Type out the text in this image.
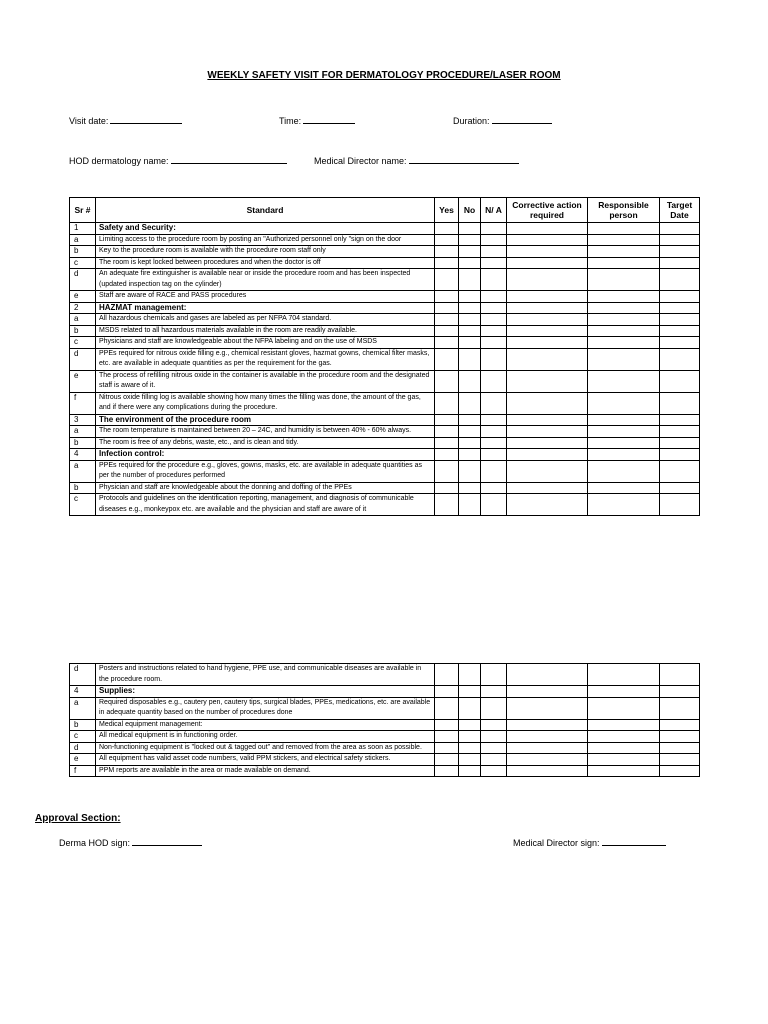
WEEKLY SAFETY VISIT FOR DERMATOLOGY PROCEDURE/LASER ROOM
Visit date:	Time:	Duration:
HOD dermatology name:	Medical Director name:
Sr #	Standard	Yes	No	N/ A	Corrective action required	Responsible person	Target Date
1	Safety and Security:						
a	Limiting access to the procedure room by posting an "Authorized personnel only "sign on the door						
b	Key to the procedure room is available with the procedure room staff only						
c	The room is kept locked between procedures and when the doctor is off						
d	An adequate fire extinguisher is available near or inside the procedure room and has been inspected (updated inspection tag on the cylinder)						
e	Staff are aware of RACE and PASS procedures						
2	HAZMAT management:						
a	All hazardous chemicals and gases are labeled as per NFPA 704 standard.						
b	MSDS related to all hazardous materials available in the room are readily available.						
c	Physicians and staff are knowledgeable about the NFPA labeling and on the use of MSDS						
d	PPEs required for nitrous oxide filling e.g., chemical resistant gloves, hazmat gowns, chemical filter masks, etc. are available in adequate quantities as per the requirement for the gas.						
e	The process of refilling nitrous oxide in the container is available in the procedure room and the designated staff is aware of it.						
f	Nitrous oxide filling log is available showing how many times the filling was done, the amount of the gas, and if there were any complications during the procedure.						
3	The environment of the procedure room						
a	The room temperature is maintained between 20 – 24C, and humidity is between 40% - 60% always.						
b	The room is free of any debris, waste, etc., and is clean and tidy.						
4	Infection control:						
a	PPEs required for the procedure e.g., gloves, gowns, masks, etc. are available in adequate quantities as per the number of procedures performed						
b	Physician and staff are knowledgeable about the donning and doffing of the PPEs						
c	Protocols and guidelines on the identification reporting, management, and diagnosis of communicable diseases e.g., monkeypox etc. are available and the physician and staff are aware of it						
d	Posters and instructions related to hand hygiene, PPE use, and communicable diseases are available in the procedure room.						
4	Supplies:						
a	Required disposables e.g., cautery pen, cautery tips, surgical blades, PPEs, medications, etc. are available in adequate quantity based on the number of procedures done						
b	Medical equipment management:						
c	All medical equipment is in functioning order.						
d	Non-functioning equipment is "locked out & tagged out" and removed from the area as soon as possible.						
e	All equipment has valid asset code numbers, valid PPM stickers, and electrical safety stickers.						
f	PPM reports are available in the area or made available on demand.						
Approval Section:
Derma HOD sign:	Medical Director sign:
